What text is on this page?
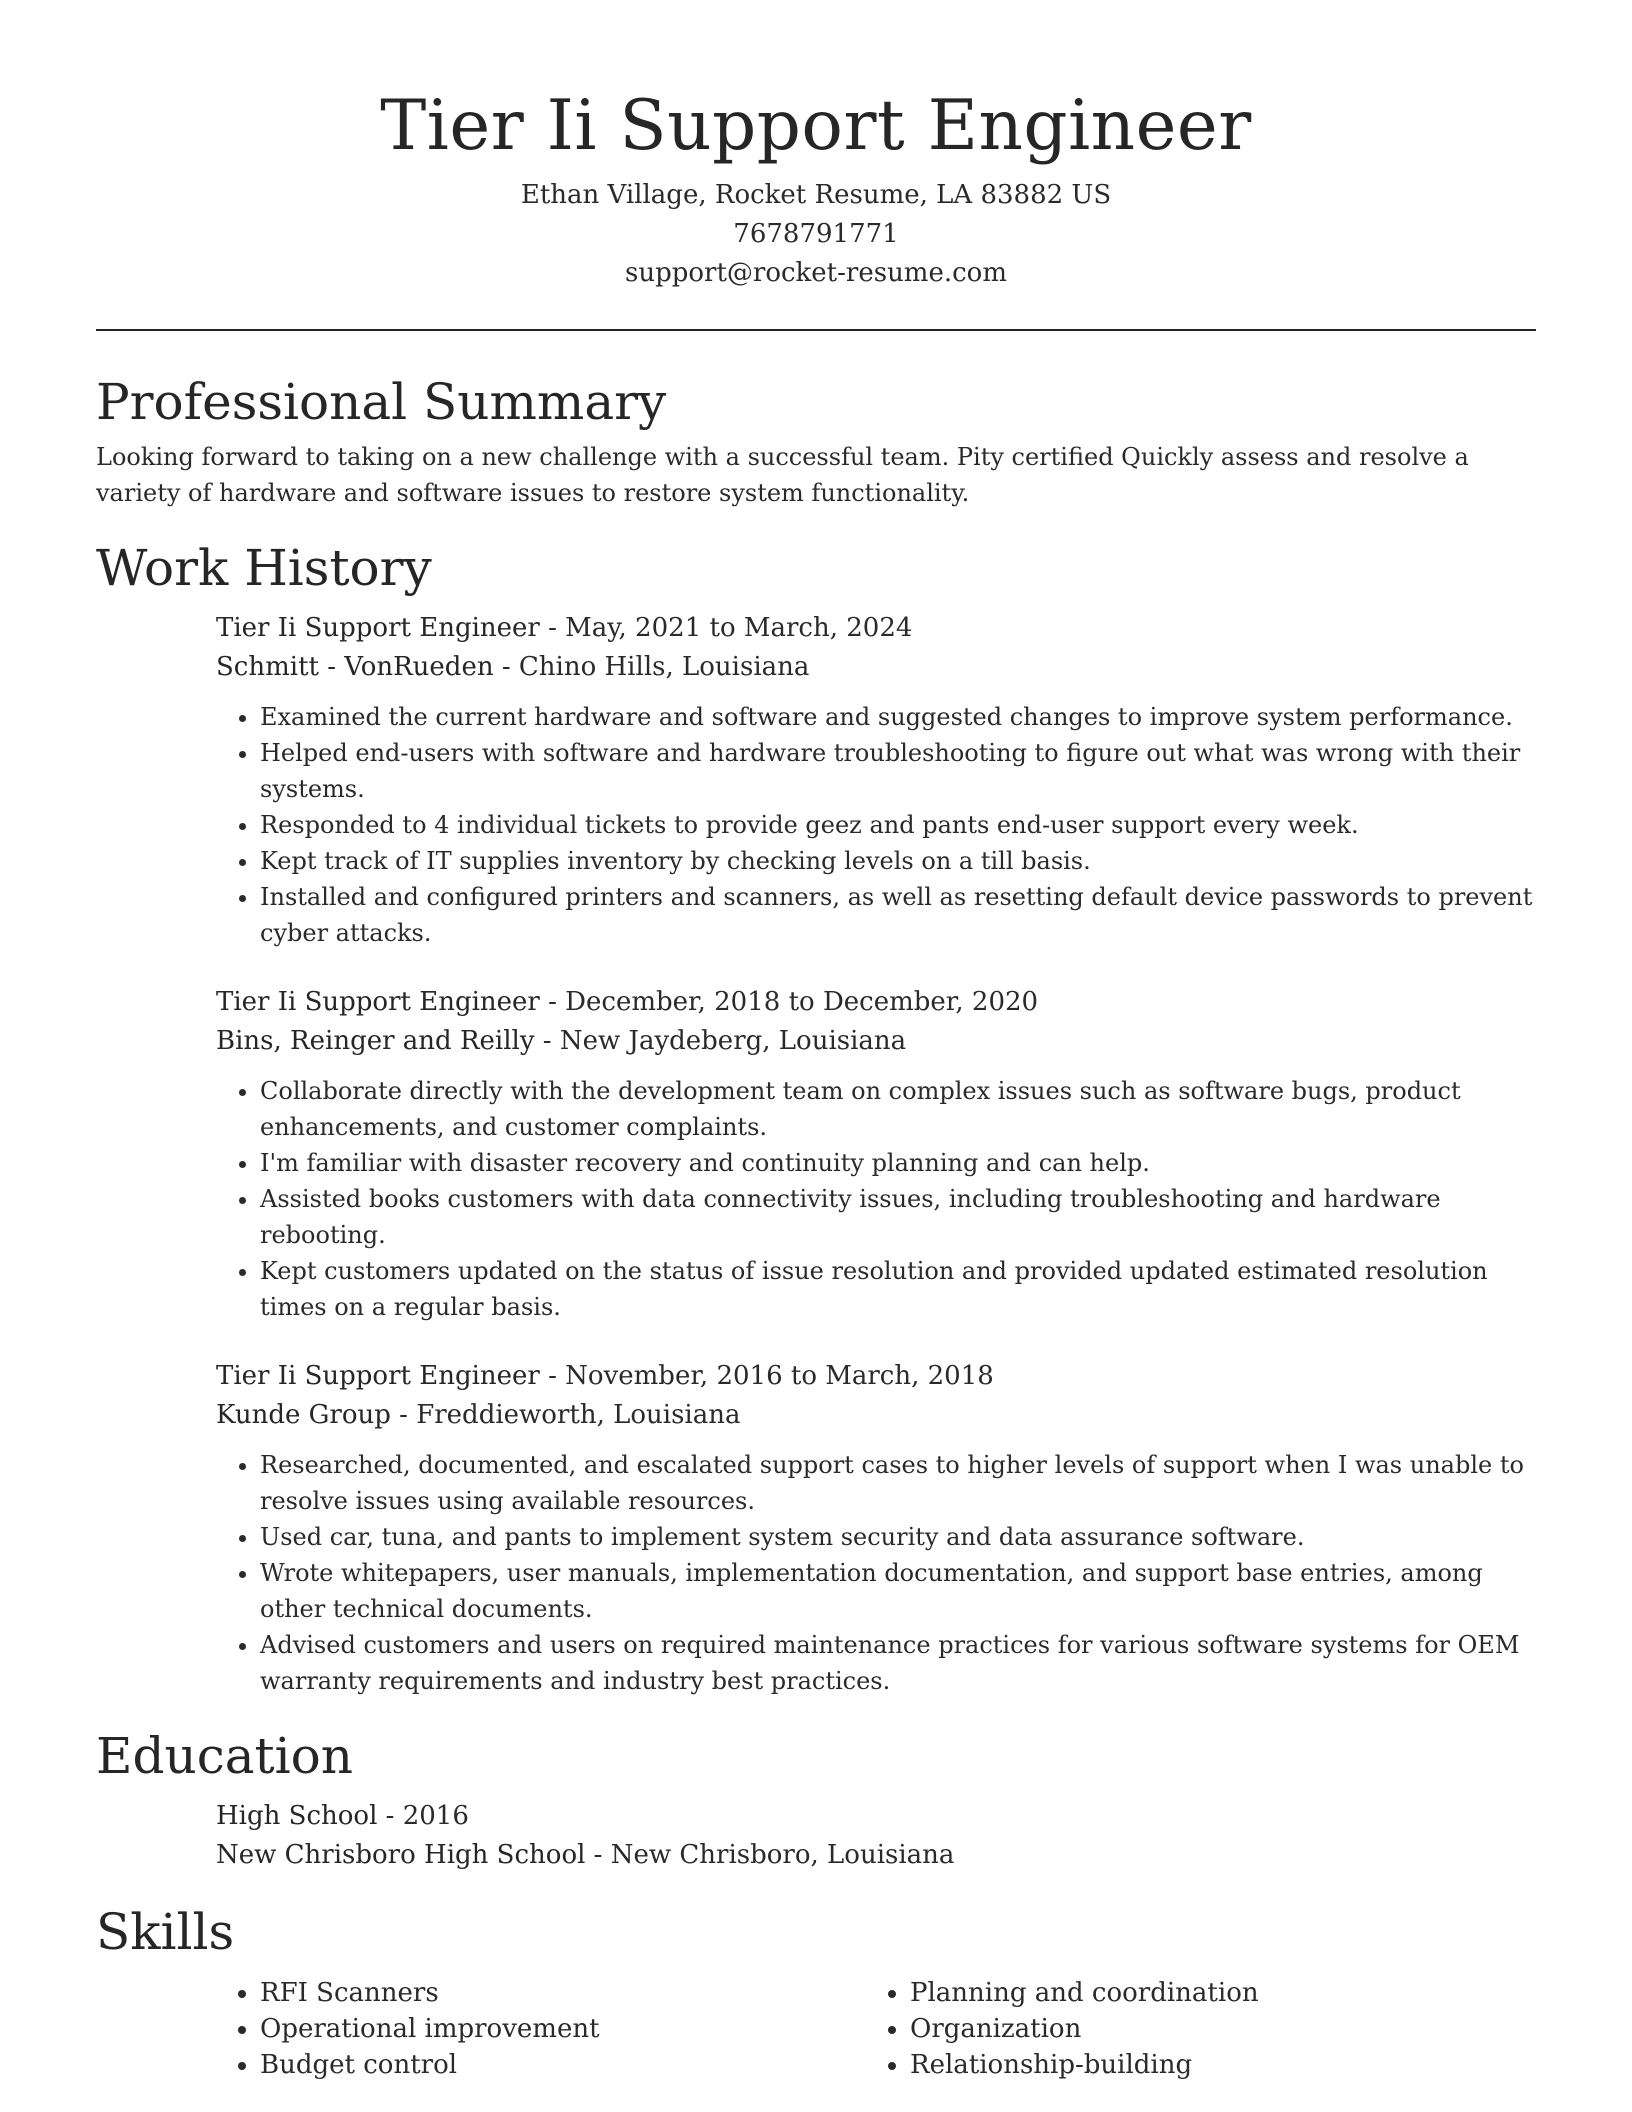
Tier Ii Support Engineer

Ethan Village, Rocket Resume, LA 83882 US

7678791771

support@rocket-resume.com

Professional Summary

Looking forward to taking on a new challenge with a successful team. Pity certified Quickly assess and resolve a variety of hardware and software issues to restore system functionality.

Work History

Tier Ii Support Engineer - May, 2021 to March, 2024

Schmitt - VonRueden - Chino Hills, Louisiana

• Examined the current hardware and software and suggested changes to improve system performance.
• Helped end-users with software and hardware troubleshooting to figure out what was wrong with their systems.
• Responded to 4 individual tickets to provide geez and pants end-user support every week.
• Kept track of IT supplies inventory by checking levels on a till basis.
• Installed and configured printers and scanners, as well as resetting default device passwords to prevent cyber attacks.

Tier Ii Support Engineer - December, 2018 to December, 2020

Bins, Reinger and Reilly - New Jaydeberg, Louisiana

• Collaborate directly with the development team on complex issues such as software bugs, product enhancements, and customer complaints.
• I'm familiar with disaster recovery and continuity planning and can help.
• Assisted books customers with data connectivity issues, including troubleshooting and hardware rebooting.
• Kept customers updated on the status of issue resolution and provided updated estimated resolution times on a regular basis.

Tier Ii Support Engineer - November, 2016 to March, 2018

Kunde Group - Freddieworth, Louisiana

• Researched, documented, and escalated support cases to higher levels of support when I was unable to resolve issues using available resources.
• Used car, tuna, and pants to implement system security and data assurance software.
• Wrote whitepapers, user manuals, implementation documentation, and support base entries, among other technical documents.
• Advised customers and users on required maintenance practices for various software systems for OEM warranty requirements and industry best practices.
Education

High School - 2016

New Chrisboro High School - New Chrisboro, Louisiana

Skills
• RFI Scanners
• Operational improvement
• Budget control
• Planning and coordination
• Organization
• Relationship-building
